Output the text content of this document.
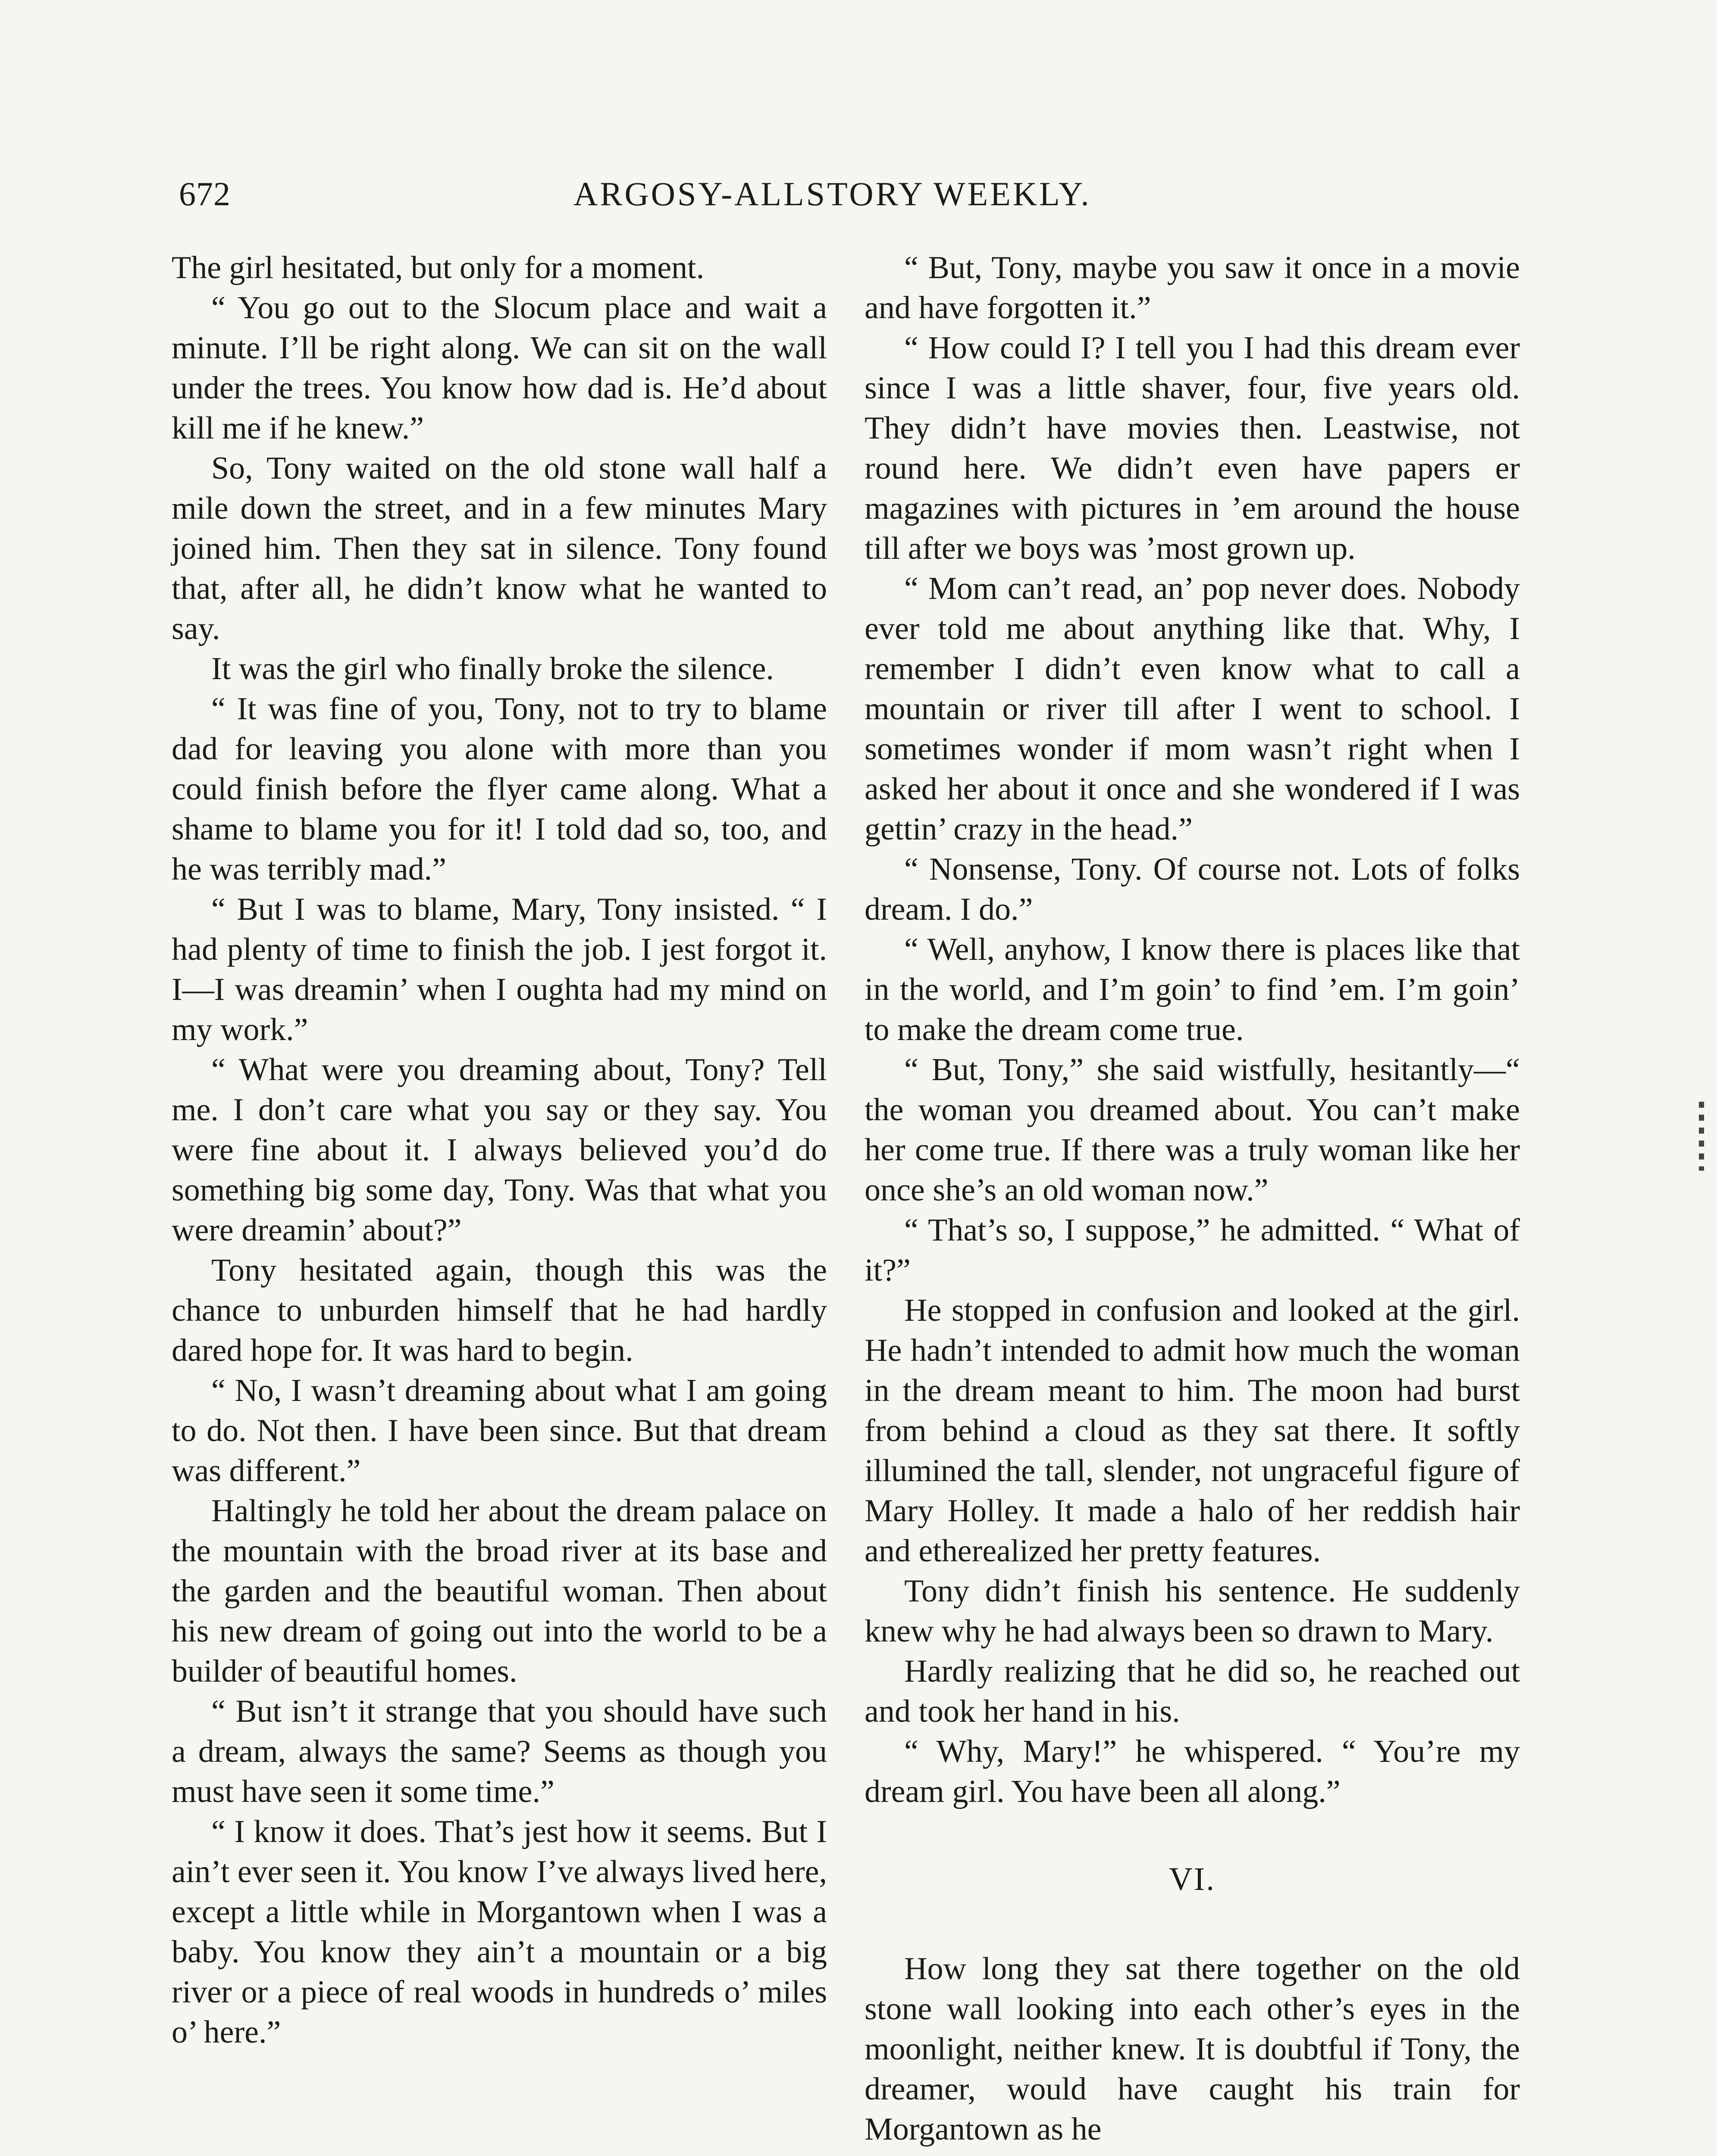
672	ARGOSY-ALLSTORY WEEKLY.

The girl hesitated, but only for a moment.

“ You go out to the Slocum place and wait a minute. I’ll be right along. We can sit on the wall under the trees. You know how dad is. He’d about kill me if he knew.”

So, Tony waited on the old stone wall half a mile down the street, and in a few minutes Mary joined him. Then they sat in silence. Tony found that, after all, he didn’t know what he wanted to say.

It was the girl who finally broke the silence.

“ It was fine of you, Tony, not to try to blame dad for leaving you alone with more than you could finish before the flyer came along. What a shame to blame you for it! I told dad so, too, and he was terribly mad.”

“ But I was to blame, Mary, Tony insisted. “ I had plenty of time to finish the job. I jest forgot it. I—I was dreamin’ when I oughta had my mind on my work.”

“ What were you dreaming about, Tony? Tell me. I don’t care what you say or they say. You were fine about it. I always believed you’d do something big some day, Tony. Was that what you were dreamin’ about?”

Tony hesitated again, though this was the chance to unburden himself that he had hardly dared hope for. It was hard to begin.

“ No, I wasn’t dreaming about what I am going to do. Not then. I have been since. But that dream was different.”

Haltingly he told her about the dream palace on the mountain with the broad river at its base and the garden and the beautiful woman. Then about his new dream of going out into the world to be a builder of beautiful homes.

“ But isn’t it strange that you should have such a dream, always the same? Seems as though you must have seen it some time.”

“ I know it does. That’s jest how it seems. But I ain’t ever seen it. You know I’ve always lived here, except a little while in Morgantown when I was a baby. You know they ain’t a mountain or a big river or a piece of real woods in hundreds o’ miles o’ here.”

“ But, Tony, maybe you saw it once in a movie and have forgotten it.”

“ How could I? I tell you I had this dream ever since I was a little shaver, four, five years old. They didn’t have movies then. Leastwise, not round here. We didn’t even have papers er magazines with pictures in ’em around the house till after we boys was ’most grown up.

“ Mom can’t read, an’ pop never does. Nobody ever told me about anything like that. Why, I remember I didn’t even know what to call a mountain or river till after I went to school. I sometimes wonder if mom wasn’t right when I asked her about it once and she wondered if I was gettin’ crazy in the head.”

“ Nonsense, Tony. Of course not. Lots of folks dream. I do.”

“ Well, anyhow, I know there is places like that in the world, and I’m goin’ to find ’em. I’m goin’ to make the dream come true.

“ But, Tony,” she said wistfully, hesitantly—“ the woman you dreamed about. You can’t make her come true. If there was a truly woman like her once she’s an old woman now.”

“ That’s so, I suppose,” he admitted. “ What of it?”

He stopped in confusion and looked at the girl. He hadn’t intended to admit how much the woman in the dream meant to him. The moon had burst from behind a cloud as they sat there. It softly illumined the tall, slender, not ungraceful figure of Mary Holley. It made a halo of her reddish hair and etherealized her pretty features.

Tony didn’t finish his sentence. He suddenly knew why he had always been so drawn to Mary.

Hardly realizing that he did so, he reached out and took her hand in his.

“ Why, Mary!” he whispered. “ You’re my dream girl. You have been all along.”

VI.

How long they sat there together on the old stone wall looking into each other’s eyes in the moonlight, neither knew. It is doubtful if Tony, the dreamer, would have caught his train for Morgantown as he
